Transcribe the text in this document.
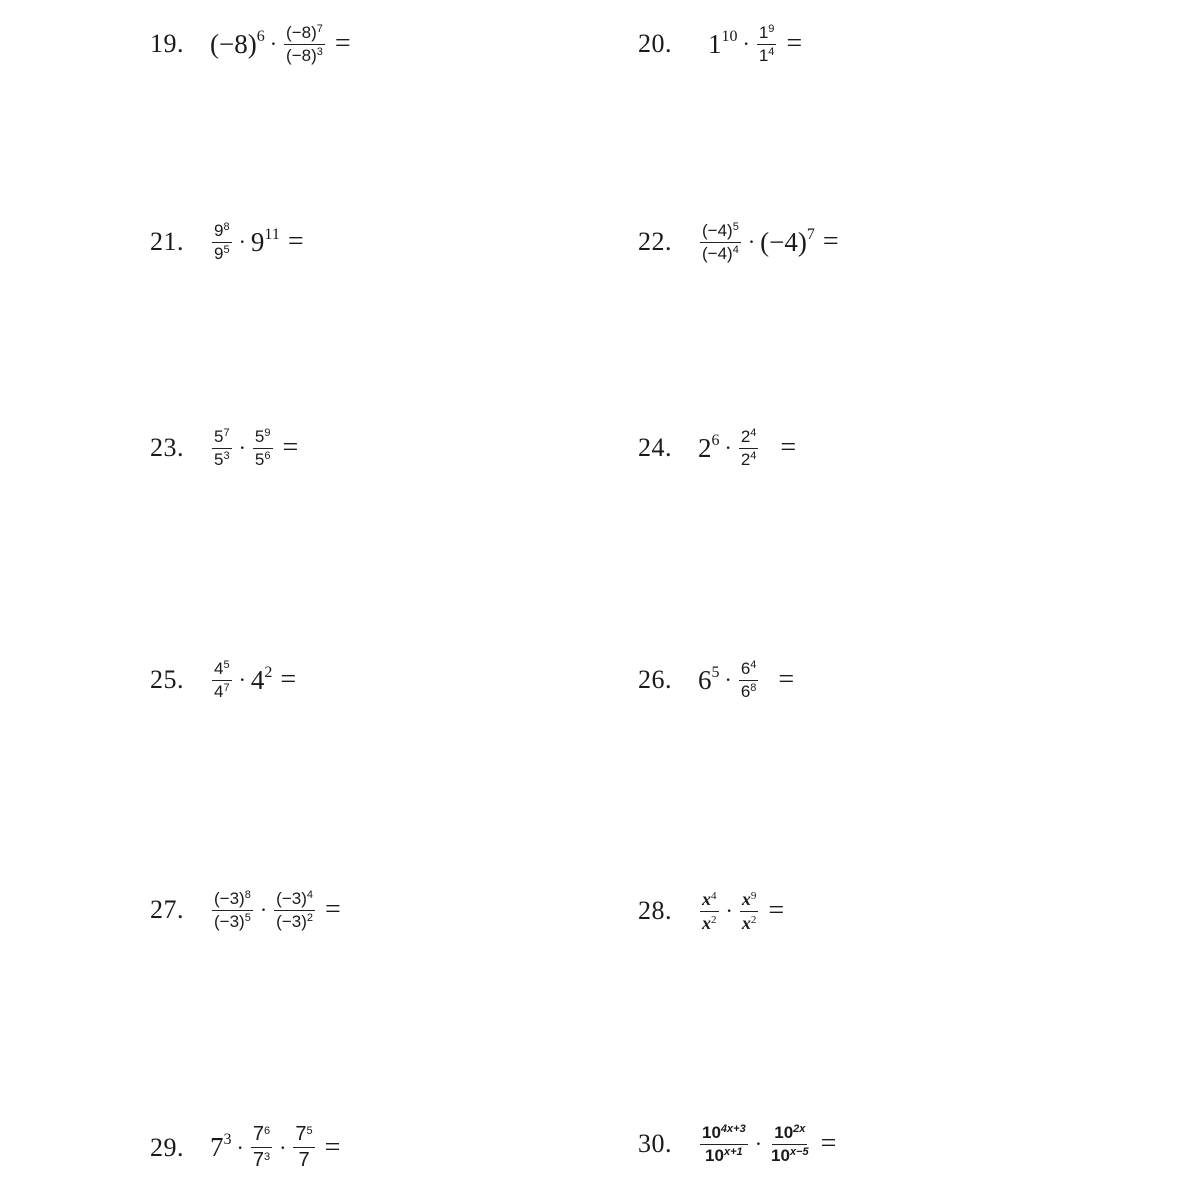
19. $(-8)^6 \cdot \frac{(-8)^7}{(-8)^3}$ =	20. $1^{10} \cdot \frac{1^9}{1^4}$ =
21. $\frac{9^8}{9^5} \cdot 9^{11}$ =	22. $\frac{(-4)^5}{(-4)^4} \cdot (-4)^7$ =
23. $\frac{5^7}{5^3} \cdot \frac{5^9}{5^6}$ =	24. $2^6 \cdot \frac{2^4}{2^4}$ =
25. $\frac{4^5}{4^7} \cdot 4^2$ =	26. $6^5 \cdot \frac{6^4}{6^8}$ =
27. $\frac{(-3)^8}{(-3)^5} \cdot \frac{(-3)^4}{(-3)^2}$ =	28. $\frac{x^4}{x^2} \cdot \frac{x^9}{x^2}$ =
29. $7^3 \cdot \frac{7^6}{7^3} \cdot \frac{7^5}{7}$ =	30. $\frac{10^{4x+3}}{10^{x+1}} \cdot \frac{10^{2x}}{10^{x-5}}$ =
